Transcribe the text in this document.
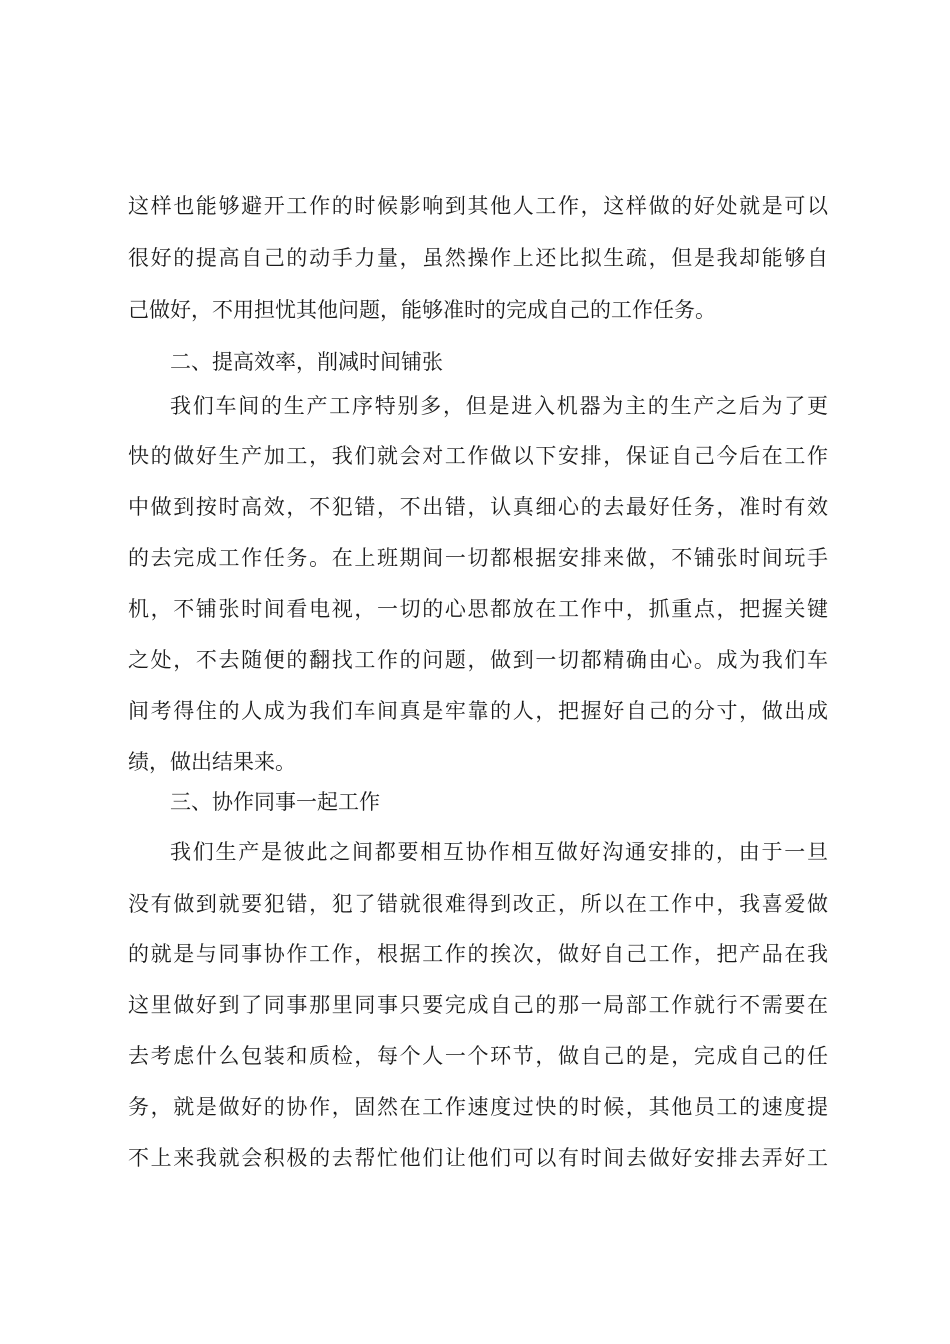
这样也能够避开工作的时候影响到其他人工作，这样做的好处就是可以
很好的提高自己的动手力量，虽然操作上还比拟生疏，但是我却能够自
己做好，不用担忧其他问题，能够准时的完成自己的工作任务。
二、提高效率，削减时间铺张
我们车间的生产工序特别多，但是进入机器为主的生产之后为了更
快的做好生产加工，我们就会对工作做以下安排，保证自己今后在工作
中做到按时高效，不犯错，不出错，认真细心的去最好任务，准时有效
的去完成工作任务。在上班期间一切都根据安排来做，不铺张时间玩手
机，不铺张时间看电视，一切的心思都放在工作中，抓重点，把握关键
之处，不去随便的翻找工作的问题，做到一切都精确由心。成为我们车
间考得住的人成为我们车间真是牢靠的人，把握好自己的分寸，做出成
绩，做出结果来。
三、协作同事一起工作
我们生产是彼此之间都要相互协作相互做好沟通安排的，由于一旦
没有做到就要犯错，犯了错就很难得到改正，所以在工作中，我喜爱做
的就是与同事协作工作，根据工作的挨次，做好自己工作，把产品在我
这里做好到了同事那里同事只要完成自己的那一局部工作就行不需要在
去考虑什么包装和质检，每个人一个环节，做自己的是，完成自己的任
务，就是做好的协作，固然在工作速度过快的时候，其他员工的速度提
不上来我就会积极的去帮忙他们让他们可以有时间去做好安排去弄好工
